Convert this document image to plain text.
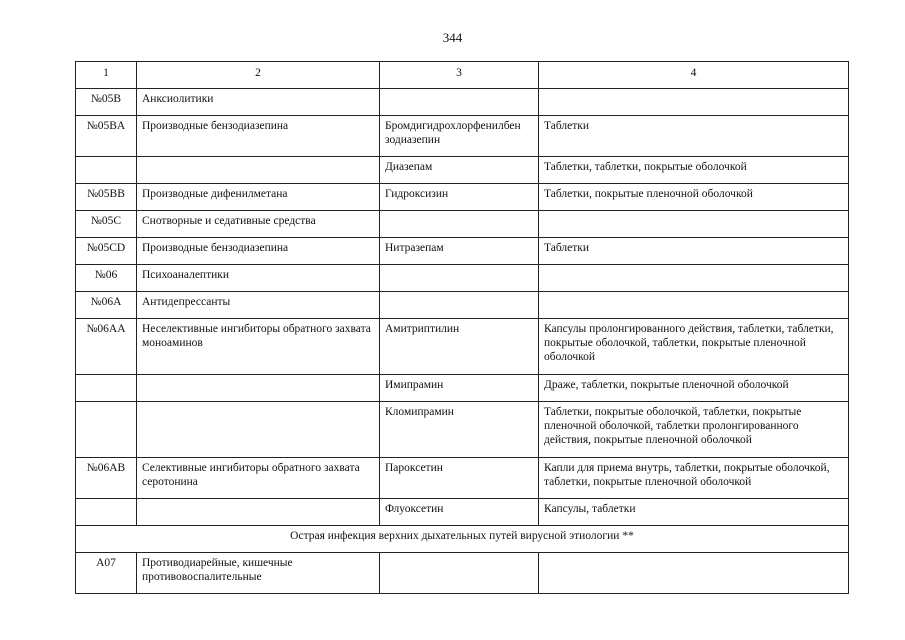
344
1	2	3	4
№05B	Анксиолитики		
№05BA	Производные бензодиазепина	Бромдигидрохлорфенилбен зодиазепин	Таблетки
		Диазепам	Таблетки, таблетки, покрытые оболочкой
№05BB	Производные дифенилметана	Гидроксизин	Таблетки, покрытые пленочной оболочкой
№05C	Снотворные и седативные средства		
№05CD	Производные бензодиазепина	Нитразепам	Таблетки
№06	Психоаналептики		
№06A	Антидепрессанты		
№06AA	Неселективные ингибиторы обратного захвата моноаминов	Амитриптилин	Капсулы пролонгированного действия, таблетки, таблетки, покрытые оболочкой, таблетки, покрытые пленочной оболочкой
		Имипрамин	Драже, таблетки, покрытые пленочной оболочкой
		Кломипрамин	Таблетки, покрытые оболочкой, таблетки, покрытые пленочной оболочкой, таблетки пролонгированного действия, покрытые пленочной оболочкой
№06AB	Селективные ингибиторы обратного захвата серотонина	Пароксетин	Капли для приема внутрь, таблетки, покрытые оболочкой, таблетки, покрытые пленочной оболочкой
		Флуоксетин	Капсулы, таблетки
Острая инфекция верхних дыхательных путей вирусной этиологии **			
A07	Противодиарейные, кишечные противовоспалительные		
